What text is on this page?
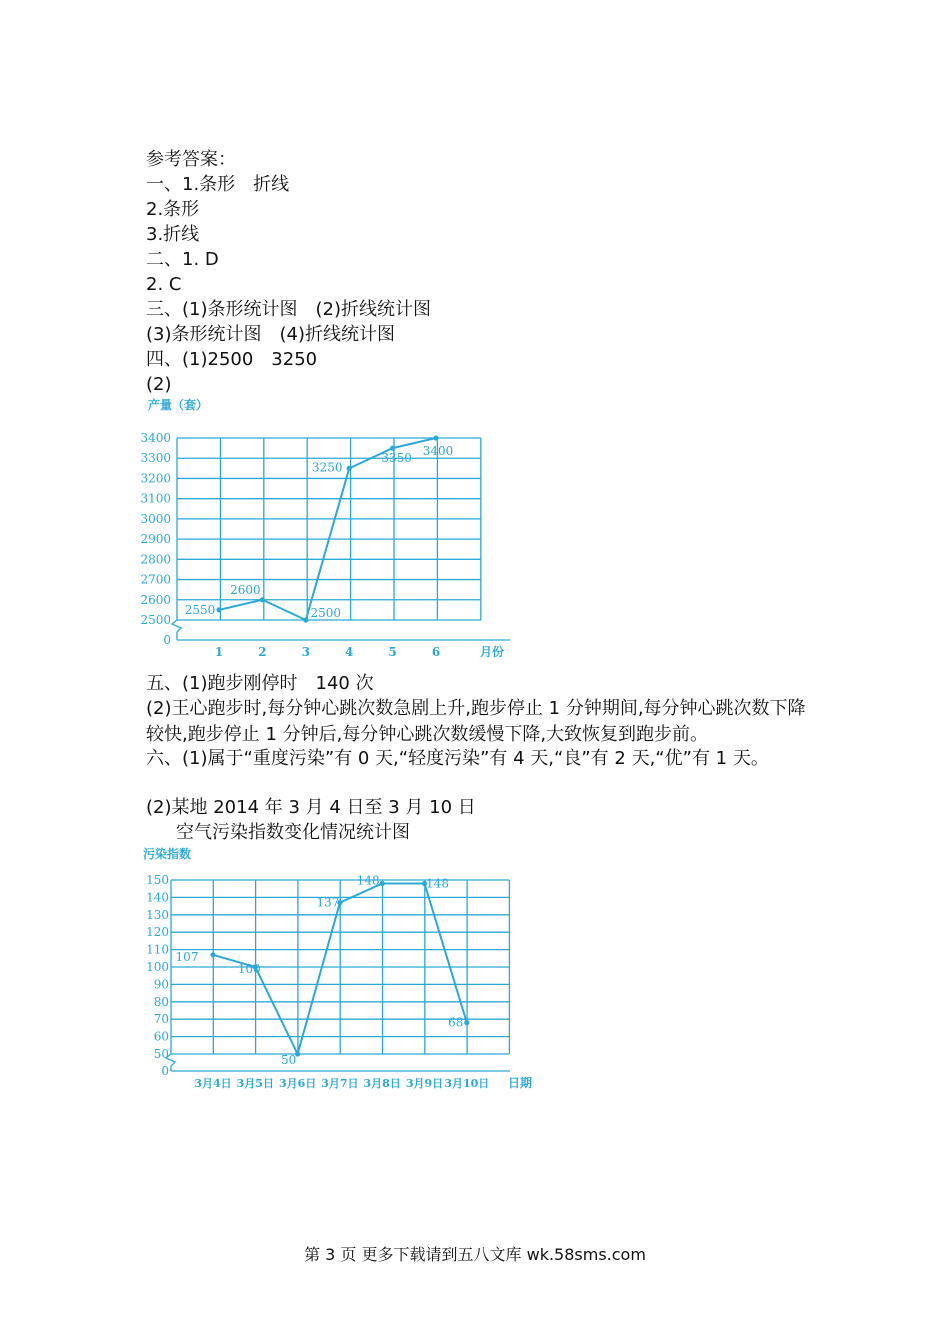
参考答案：
一、1.条形　折线
2.条形
3.折线
二、1. D
2. C
三、(1)条形统计图　(2)折线统计图
(3)条形统计图　(4)折线统计图
四、(1)2500　3250
(2)
产量（套）
0
2500
2600
2700
2800
2900
3000
3100
3200
3300
3400
1	2	3	4	5	6	月份
2550
2600
2500
3250
3350
3400
五、(1)跑步刚停时　140 次
(2)王心跑步时,每分钟心跳次数急剧上升,跑步停止 1 分钟期间,每分钟心跳次数下降较快,跑步停止 1 分钟后,每分钟心跳次数缓慢下降,大致恢复到跑步前。
六、(1)属于“重度污染”有 0 天,“轻度污染”有 4 天,“良”有 2 天,“优”有 1 天。
(2)某地 2014 年 3 月 4 日至 3 月 10 日
空气污染指数变化情况统计图
污染指数
0
50
60
70
80
90
100
110
120
130
140
150
3月4日 3月5日 3月6日 3月7日 3月8日 3月9日 3月10日 日期
107
100
50
137
148	148
68
第 3 页 更多下载请到五八文库 wk.58sms.com
